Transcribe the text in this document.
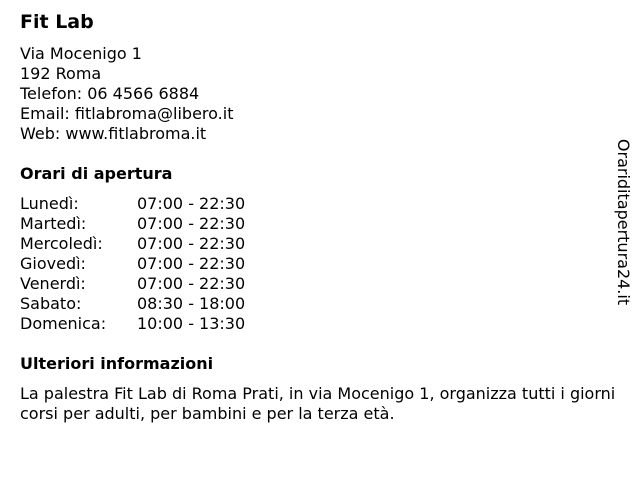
Fit Lab
Via Mocenigo 1
192 Roma
Telefon: 06 4566 6884
Email: fitlabroma@libero.it
Web: www.fitlabroma.it
Orari di apertura
Lunedì:	07:00 - 22:30
Martedì:	07:00 - 22:30
Mercoledì:	07:00 - 22:30
Giovedì:	07:00 - 22:30
Venerdì:	07:00 - 22:30
Sabato:	08:30 - 18:00
Domenica:	10:00 - 13:30
Ulteriori informazioni
La palestra Fit Lab di Roma Prati, in via Mocenigo 1, organizza tutti i giorni corsi per adulti, per bambini e per la terza età.
Orariditapertura24.it
